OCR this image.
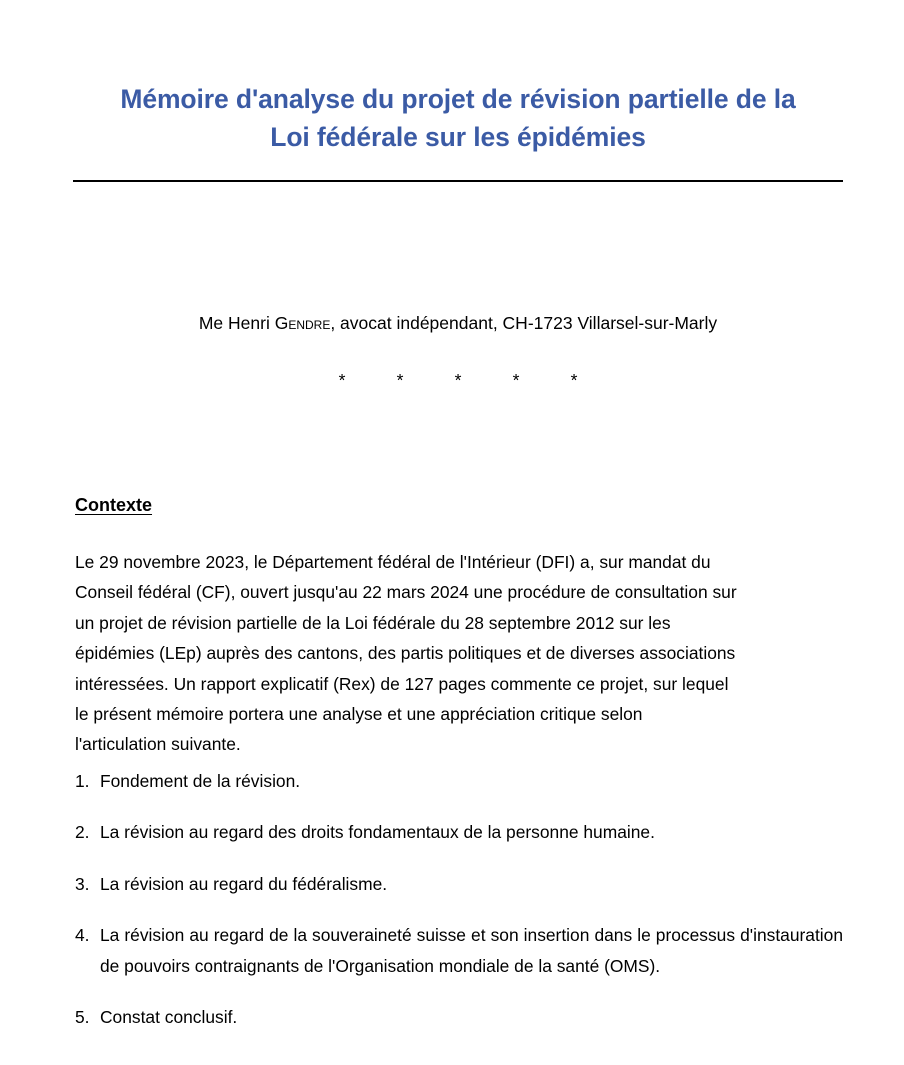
Mémoire d'analyse du projet de révision partielle de la
Loi fédérale sur les épidémies
Me Henri Gendre, avocat indépendant, CH-1723 Villarsel-sur-Marly
*	*	*	*	*
Contexte
Le 29 novembre 2023, le Département fédéral de l'Intérieur (DFI) a, sur mandat du
Conseil fédéral (CF), ouvert jusqu'au 22 mars 2024 une procédure de consultation sur
un projet de révision partielle de la Loi fédérale du 28 septembre 2012 sur les
épidémies (LEp) auprès des cantons, des partis politiques et de diverses associations
intéressées. Un rapport explicatif (Rex) de 127 pages commente ce projet, sur lequel
le présent mémoire portera une analyse et une appréciation critique selon
l'articulation suivante.
1. Fondement de la révision.
2. La révision au regard des droits fondamentaux de la personne humaine.
3. La révision au regard du fédéralisme.
4. La révision au regard de la souveraineté suisse et son insertion dans le processus d'instauration de pouvoirs contraignants de l'Organisation mondiale de la santé (OMS).
5. Constat conclusif.
